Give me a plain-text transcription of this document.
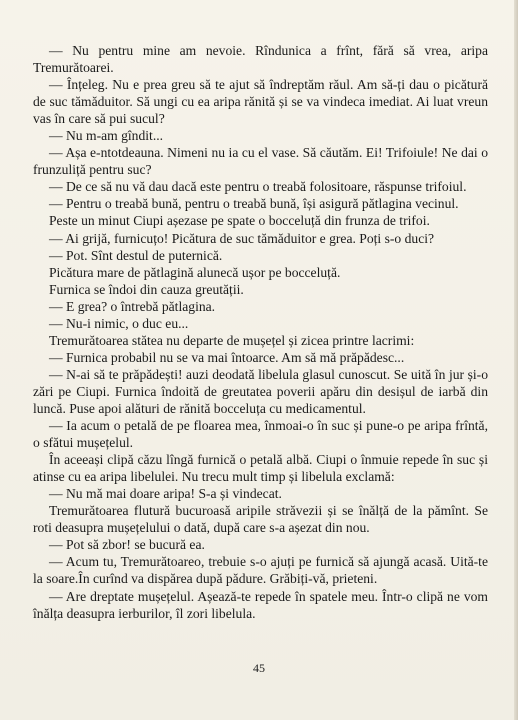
— Nu pentru mine am nevoie. Rîndunica a frînt, fără să vrea, aripa Tremurătoarei.

— Înțeleg. Nu e prea greu să te ajut să îndreptăm răul. Am să-ți dau o picătură de suc tămăduitor. Să ungi cu ea aripa rănită și se va vindeca imediat. Ai luat vreun vas în care să pui sucul?

— Nu m-am gîndit...

— Așa e-ntotdeauna. Nimeni nu ia cu el vase. Să căutăm. Ei! Trifoiule! Ne dai o frunzuliță pentru suc?

— De ce să nu vă dau dacă este pentru o treabă folositoare, răspunse trifoiul.

— Pentru o treabă bună, pentru o treabă bună, își asigură pătlagina vecinul.

Peste un minut Ciupi așezase pe spate o bocceluță din frunza de trifoi.

— Ai grijă, furnicuțo! Picătura de suc tămăduitor e grea. Poți s-o duci?

— Pot. Sînt destul de puternică.

Picătura mare de pătlagină alunecă ușor pe bocceluță.

Furnica se îndoi din cauza greutății.

— E grea? o întrebă pătlagina.

— Nu-i nimic, o duc eu...

Tremurătoarea stătea nu departe de mușețel și zicea printre lacrimi:

— Furnica probabil nu se va mai întoarce. Am să mă prăpădesc...

— N-ai să te prăpădești! auzi deodată libelula glasul cunoscut. Se uită în jur și-o zări pe Ciupi. Furnica îndoită de greutatea poverii apăru din desișul de iarbă din luncă. Puse apoi alături de rănită bocceluța cu medicamentul.

— Ia acum o petală de pe floarea mea, înmoai-o în suc și pune-o pe aripa frîntă, o sfătui mușețelul.

În aceeași clipă căzu lîngă furnică o petală albă. Ciupi o înmuie repede în suc și atinse cu ea aripa libelulei. Nu trecu mult timp și libelula exclamă:

— Nu mă mai doare aripa! S-a și vindecat.

Tremurătoarea flutură bucuroasă aripile străvezii și se înălță de la pămînt. Se roti deasupra mușețelului o dată, după care s-a așezat din nou.

— Pot să zbor! se bucură ea.

— Acum tu, Tremurătoareo, trebuie s-o ajuți pe furnică să ajungă acasă. Uită-te la soare.În curînd va dispărea după pădure. Grăbiți-vă, prieteni.

— Are dreptate mușețelul. Așează-te repede în spatele meu. Într-o clipă ne vom înălța deasupra ierburilor, îl zori libelula.

45
